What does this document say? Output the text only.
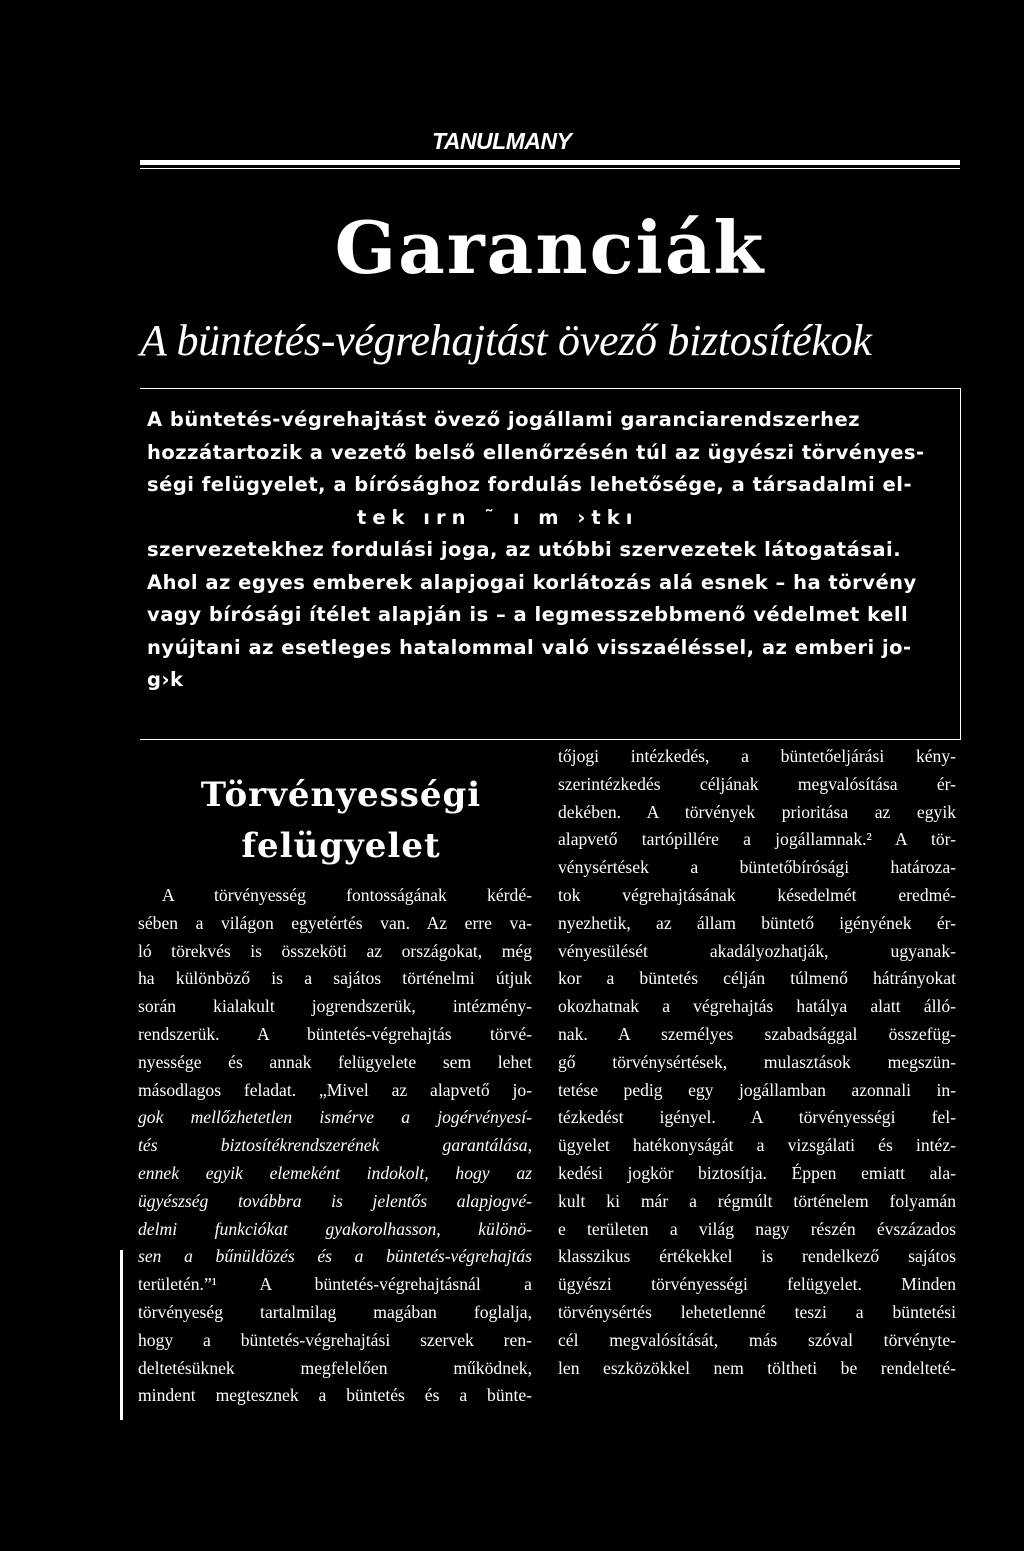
TANULMANY
Garanciák
A büntetés-végrehajtást övező biztosítékok
A büntetés-végrehajtást övező jogállami garanciarendszerhez
hozzátartozik a vezető belső ellenőrzésén túl az ügyészi törvényes-
ségi felügyelet, a bírósághoz fordulás lehetősége, a társadalmi el-
tek ırn ˜ ı m ›tkı
szervezetekhez fordulási joga, az utóbbi szervezetek látogatásai.
Ahol az egyes emberek alapjogai korlátozás alá esnek – ha törvény
vagy bírósági ítélet alapján is – a legmesszebbmenő védelmet kell
nyújtani az esetleges hatalommal való visszaéléssel, az emberi jo-
g›k
Törvényességi
felügyelet
A törvényesség fontosságának kérdé-
sében a világon egyetértés van. Az erre va-
ló törekvés is összeköti az országokat, még
ha különböző is a sajátos történelmi útjuk
során kialakult jogrendszerük, intézmény-
rendszerük. A büntetés-végrehajtás törvé-
nyessége és annak felügyelete sem lehet
másodlagos feladat. „Mivel az alapvető jo-
gok mellőzhetetlen ismérve a jogérvényesí-
tés biztosítékrendszerének garantálása,
ennek egyik elemeként indokolt, hogy az
ügyészség továbbra is jelentős alapjogvé-
delmi funkciókat gyakorolhasson, különö-
sen a bűnüldözés és a büntetés-végrehajtás
területén.”¹ A büntetés-végrehajtásnál a
törvényeség tartalmilag magában foglalja,
hogy a büntetés-végrehajtási szervek ren-
deltetésüknek megfelelően működnek,
mindent megtesznek a büntetés és a bünte-
tőjogi intézkedés, a büntetőeljárási kény-
szerintézkedés céljának megvalósítása ér-
dekében. A törvények prioritása az egyik
alapvető tartópillére a jogállamnak.² A tör-
vénysértések a büntetőbírósági határoza-
tok végrehajtásának késedelmét eredmé-
nyezhetik, az állam büntető igényének ér-
vényesülését akadályozhatják, ugyanak-
kor a büntetés célján túlmenő hátrányokat
okozhatnak a végrehajtás hatálya alatt álló-
nak. A személyes szabadsággal összefüg-
gő törvénysértések, mulasztások megszün-
tetése pedig egy jogállamban azonnali in-
tézkedést igényel. A törvényességi fel-
ügyelet hatékonyságát a vizsgálati és intéz-
kedési jogkör biztosítja. Éppen emiatt ala-
kult ki már a régmúlt történelem folyamán
e területen a világ nagy részén évszázados
klasszikus értékekkel is rendelkező sajátos
ügyészi törvényességi felügyelet. Minden
törvénysértés lehetetlenné teszi a büntetési
cél megvalósítását, más szóval törvényte-
len eszközökkel nem töltheti be rendelteté-
